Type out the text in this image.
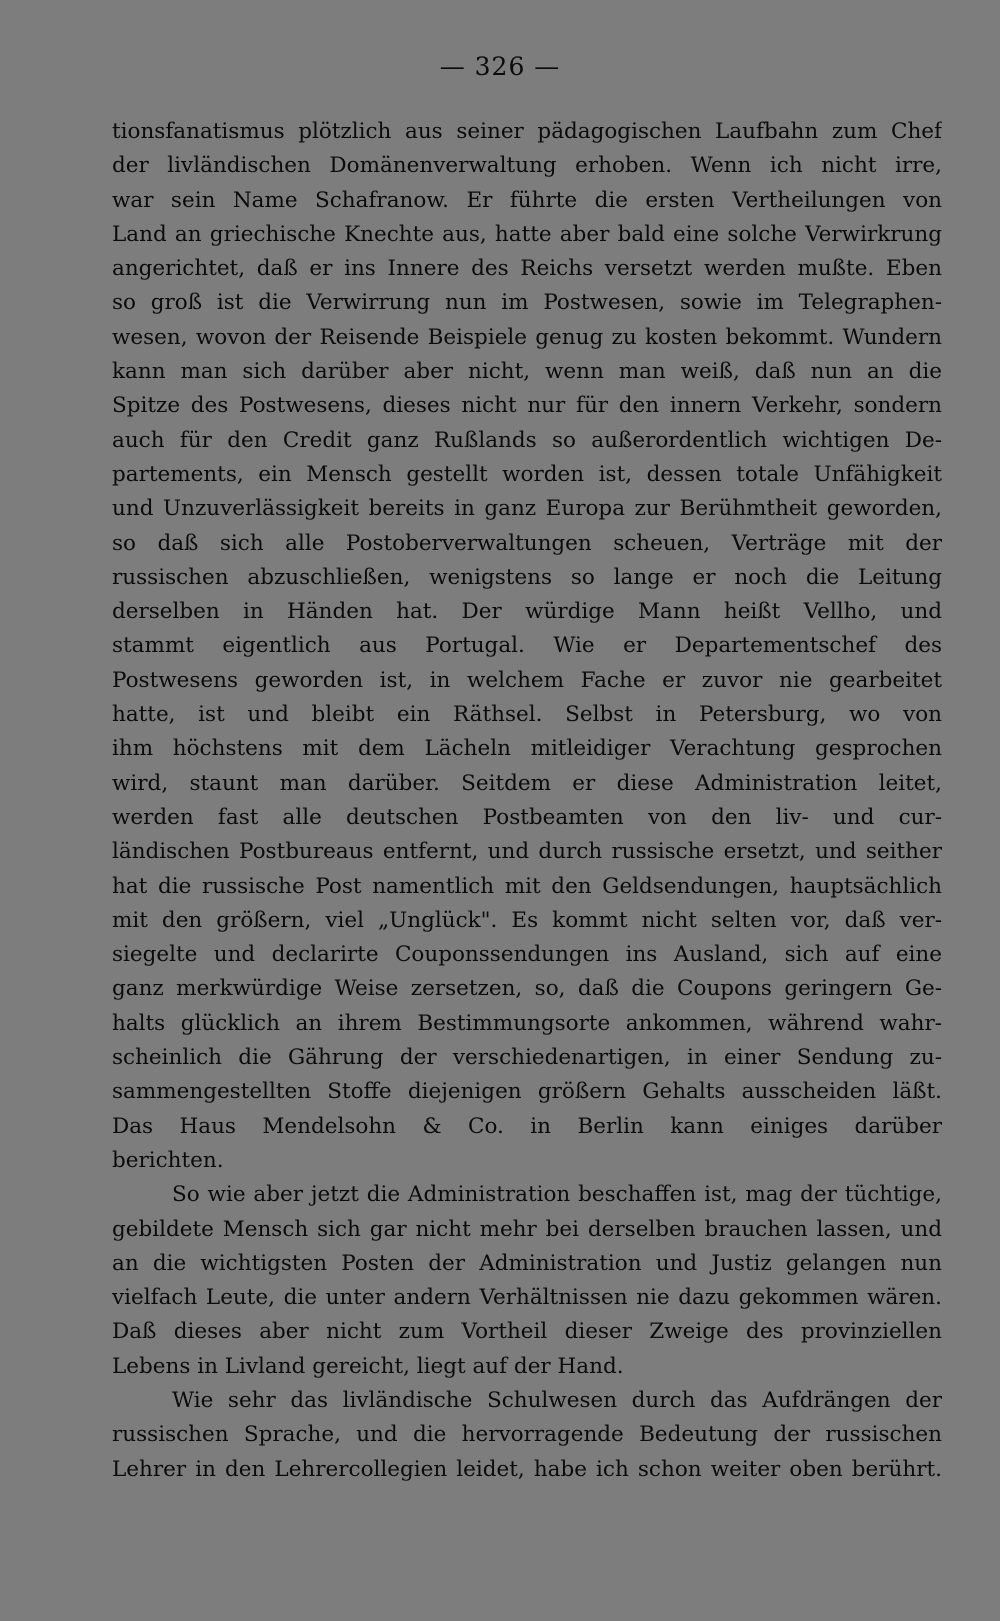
— 326 —
tionsfanatismus plötzlich aus seiner pädagogischen Laufbahn zum Chef
der livländischen Domänenverwaltung erhoben. Wenn ich nicht irre,
war sein Name Schafranow. Er führte die ersten Vertheilungen von
Land an griechische Knechte aus, hatte aber bald eine solche Verwirkrung
angerichtet, daß er ins Innere des Reichs versetzt werden mußte. Eben
so groß ist die Verwirrung nun im Postwesen, sowie im Telegraphen-
wesen, wovon der Reisende Beispiele genug zu kosten bekommt. Wundern
kann man sich darüber aber nicht, wenn man weiß, daß nun an die
Spitze des Postwesens, dieses nicht nur für den innern Verkehr, sondern
auch für den Credit ganz Rußlands so außerordentlich wichtigen De-
partements, ein Mensch gestellt worden ist, dessen totale Unfähigkeit
und Unzuverlässigkeit bereits in ganz Europa zur Berühmtheit geworden,
so daß sich alle Postoberverwaltungen scheuen, Verträge mit der
russischen abzuschließen, wenigstens so lange er noch die Leitung
derselben in Händen hat. Der würdige Mann heißt Vellho, und
stammt eigentlich aus Portugal. Wie er Departementschef des
Postwesens geworden ist, in welchem Fache er zuvor nie gearbeitet
hatte, ist und bleibt ein Räthsel. Selbst in Petersburg, wo von
ihm höchstens mit dem Lächeln mitleidiger Verachtung gesprochen
wird, staunt man darüber. Seitdem er diese Administration leitet,
werden fast alle deutschen Postbeamten von den liv- und cur-
ländischen Postbureaus entfernt, und durch russische ersetzt, und seither
hat die russische Post namentlich mit den Geldsendungen, hauptsächlich
mit den größern, viel „Unglück". Es kommt nicht selten vor, daß ver-
siegelte und declarirte Couponssendungen ins Ausland, sich auf eine
ganz merkwürdige Weise zersetzen, so, daß die Coupons geringern Ge-
halts glücklich an ihrem Bestimmungsorte ankommen, während wahr-
scheinlich die Gährung der verschiedenartigen, in einer Sendung zu-
sammengestellten Stoffe diejenigen größern Gehalts ausscheiden läßt.
Das Haus Mendelsohn & Co. in Berlin kann einiges darüber
berichten.
So wie aber jetzt die Administration beschaffen ist, mag der tüchtige,
gebildete Mensch sich gar nicht mehr bei derselben brauchen lassen, und
an die wichtigsten Posten der Administration und Justiz gelangen nun
vielfach Leute, die unter andern Verhältnissen nie dazu gekommen wären.
Daß dieses aber nicht zum Vortheil dieser Zweige des provinziellen
Lebens in Livland gereicht, liegt auf der Hand.
Wie sehr das livländische Schulwesen durch das Aufdrängen der
russischen Sprache, und die hervorragende Bedeutung der russischen
Lehrer in den Lehrercollegien leidet, habe ich schon weiter oben berührt.
